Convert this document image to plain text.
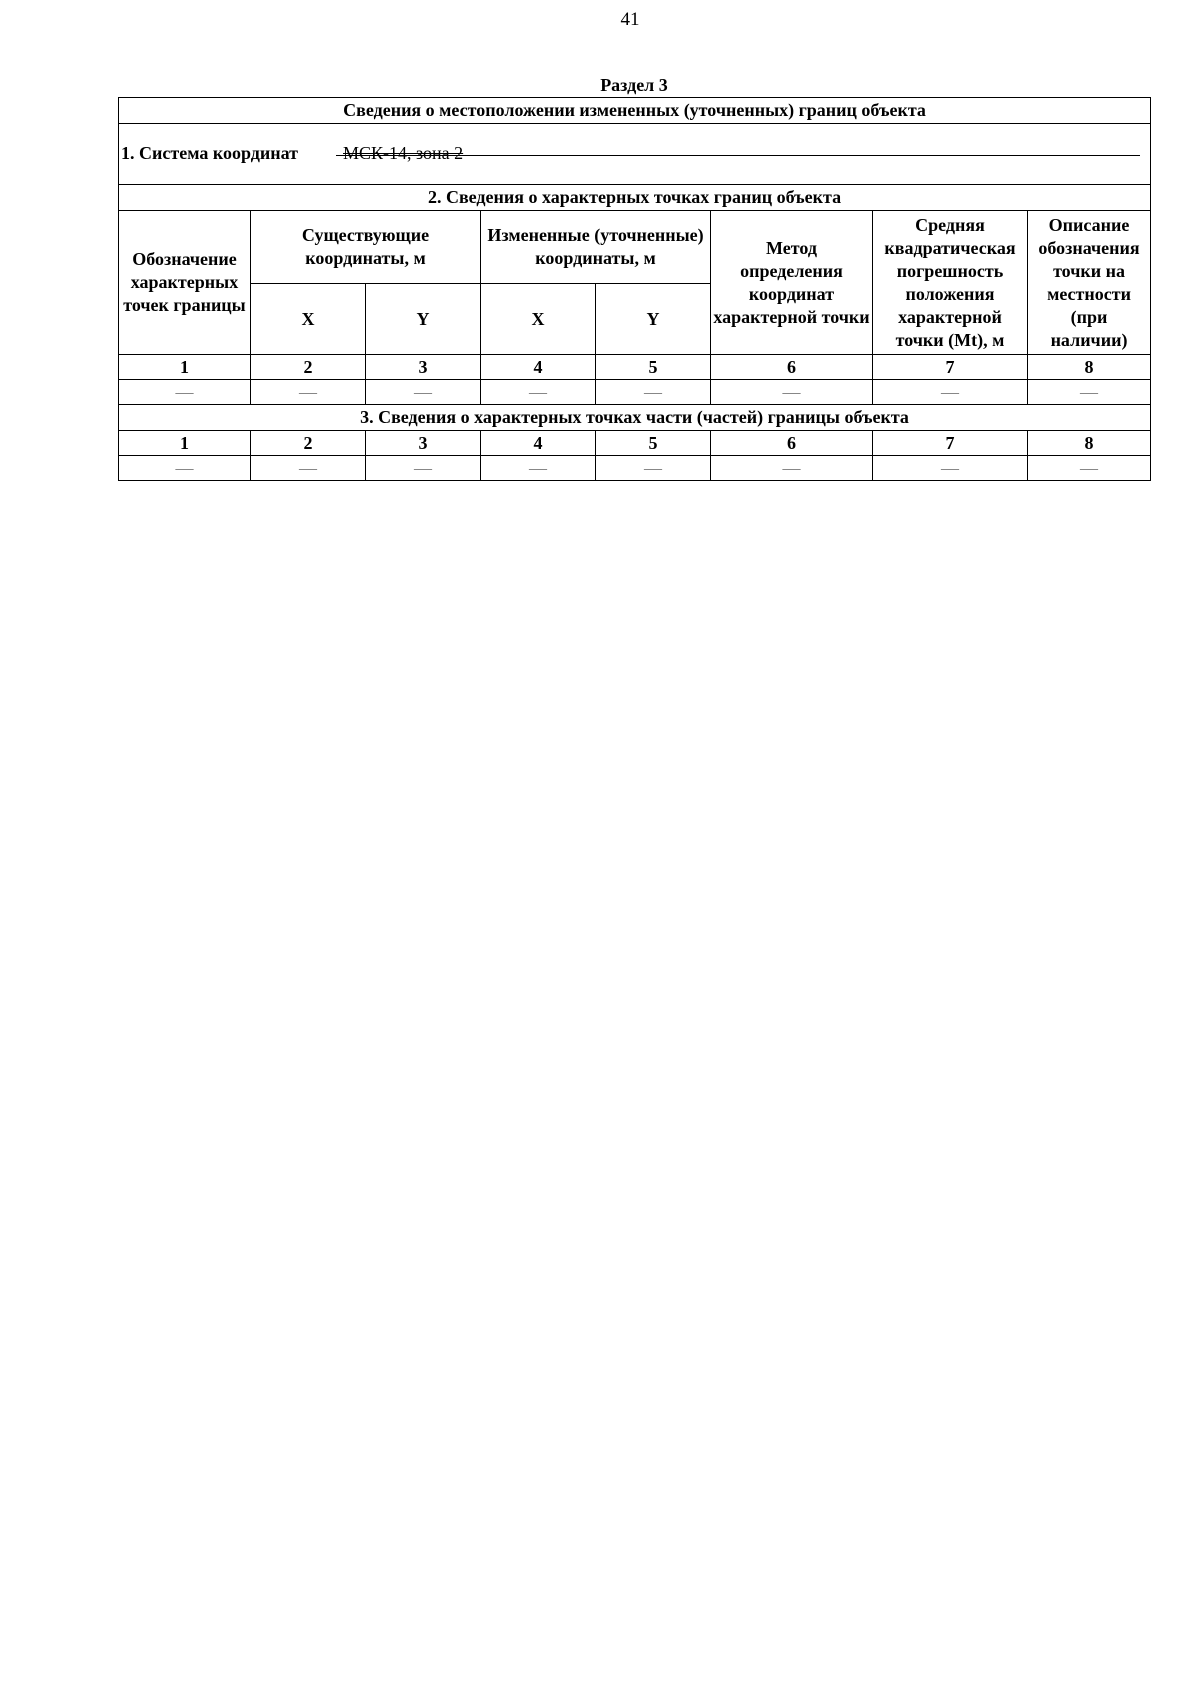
41
Раздел 3
Сведения о местоположении измененных (уточненных) границ объекта							

1. Система координат МСК-14, зона 2							

2. Сведения о характерных точках границ объекта							
Обозначение характерных точек границы	Существующие координаты, м		Измененные (уточненные) координаты, м		Метод определения координат характерной точки	Средняя квадратическая погрешность положения характерной точки (Mt), м	Описание обозначения точки на местности (при наличии)
	X	Y	X	Y			
1	2	3	4	5	6	7	8
—	—	—	—	—	—	—	—
3. Сведения о характерных точках части (частей) границы объекта							
1	2	3	4	5	6	7	8
—	—	—	—	—	—	—	—
